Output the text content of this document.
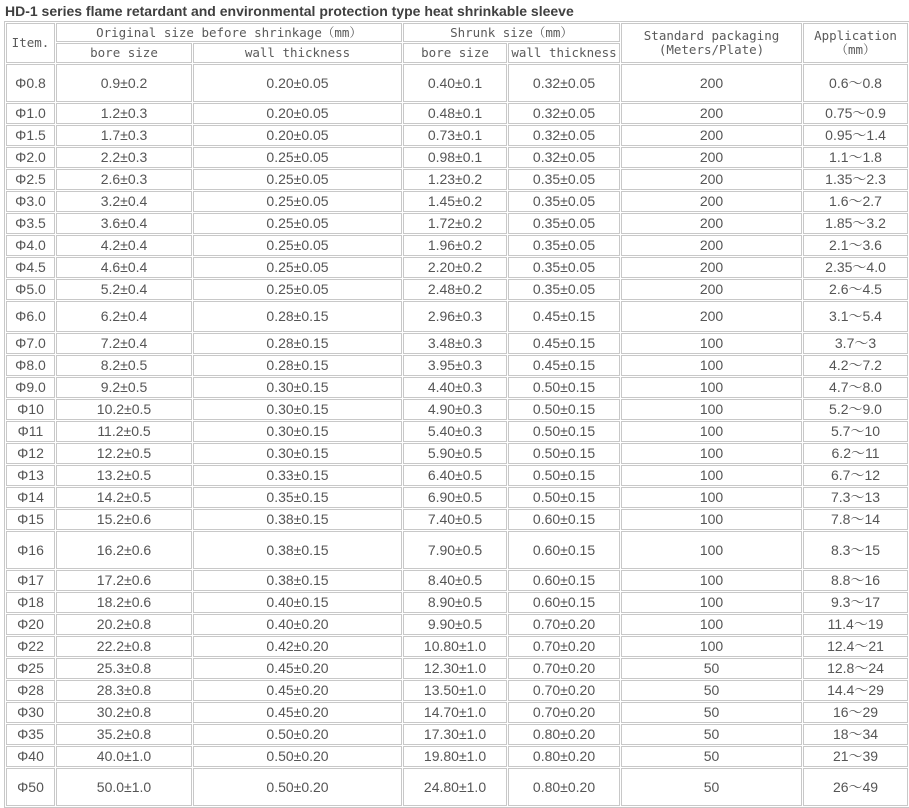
HD-1 series flame retardant and environmental protection type heat shrinkable sleeve
Item.	Original size before shrinkage（mm）		Shrunk size（mm）		Standard packaging (Meters/Plate)	Application （mm）
	bore size	wall thickness	bore size	wall thickness		
Φ0.8	0.9±0.2	0.20±0.05	0.40±0.1	0.32±0.05	200	0.6～0.8
Φ1.0	1.2±0.3	0.20±0.05	0.48±0.1	0.32±0.05	200	0.75～0.9
Φ1.5	1.7±0.3	0.20±0.05	0.73±0.1	0.32±0.05	200	0.95～1.4
Φ2.0	2.2±0.3	0.25±0.05	0.98±0.1	0.32±0.05	200	1.1～1.8
Φ2.5	2.6±0.3	0.25±0.05	1.23±0.2	0.35±0.05	200	1.35～2.3
Φ3.0	3.2±0.4	0.25±0.05	1.45±0.2	0.35±0.05	200	1.6～2.7
Φ3.5	3.6±0.4	0.25±0.05	1.72±0.2	0.35±0.05	200	1.85～3.2
Φ4.0	4.2±0.4	0.25±0.05	1.96±0.2	0.35±0.05	200	2.1～3.6
Φ4.5	4.6±0.4	0.25±0.05	2.20±0.2	0.35±0.05	200	2.35～4.0
Φ5.0	5.2±0.4	0.25±0.05	2.48±0.2	0.35±0.05	200	2.6～4.5
Φ6.0	6.2±0.4	0.28±0.15	2.96±0.3	0.45±0.15	200	3.1～5.4
Φ7.0	7.2±0.4	0.28±0.15	3.48±0.3	0.45±0.15	100	3.7～3
Φ8.0	8.2±0.5	0.28±0.15	3.95±0.3	0.45±0.15	100	4.2～7.2
Φ9.0	9.2±0.5	0.30±0.15	4.40±0.3	0.50±0.15	100	4.7～8.0
Φ10	10.2±0.5	0.30±0.15	4.90±0.3	0.50±0.15	100	5.2～9.0
Φ11	11.2±0.5	0.30±0.15	5.40±0.3	0.50±0.15	100	5.7～10
Φ12	12.2±0.5	0.30±0.15	5.90±0.5	0.50±0.15	100	6.2～11
Φ13	13.2±0.5	0.33±0.15	6.40±0.5	0.50±0.15	100	6.7～12
Φ14	14.2±0.5	0.35±0.15	6.90±0.5	0.50±0.15	100	7.3～13
Φ15	15.2±0.6	0.38±0.15	7.40±0.5	0.60±0.15	100	7.8～14
Φ16	16.2±0.6	0.38±0.15	7.90±0.5	0.60±0.15	100	8.3～15
Φ17	17.2±0.6	0.38±0.15	8.40±0.5	0.60±0.15	100	8.8～16
Φ18	18.2±0.6	0.40±0.15	8.90±0.5	0.60±0.15	100	9.3～17
Φ20	20.2±0.8	0.40±0.20	9.90±0.5	0.70±0.20	100	11.4～19
Φ22	22.2±0.8	0.42±0.20	10.80±1.0	0.70±0.20	100	12.4～21
Φ25	25.3±0.8	0.45±0.20	12.30±1.0	0.70±0.20	50	12.8～24
Φ28	28.3±0.8	0.45±0.20	13.50±1.0	0.70±0.20	50	14.4～29
Φ30	30.2±0.8	0.45±0.20	14.70±1.0	0.70±0.20	50	16～29
Φ35	35.2±0.8	0.50±0.20	17.30±1.0	0.80±0.20	50	18～34
Φ40	40.0±1.0	0.50±0.20	19.80±1.0	0.80±0.20	50	21～39
Φ50	50.0±1.0	0.50±0.20	24.80±1.0	0.80±0.20	50	26～49
